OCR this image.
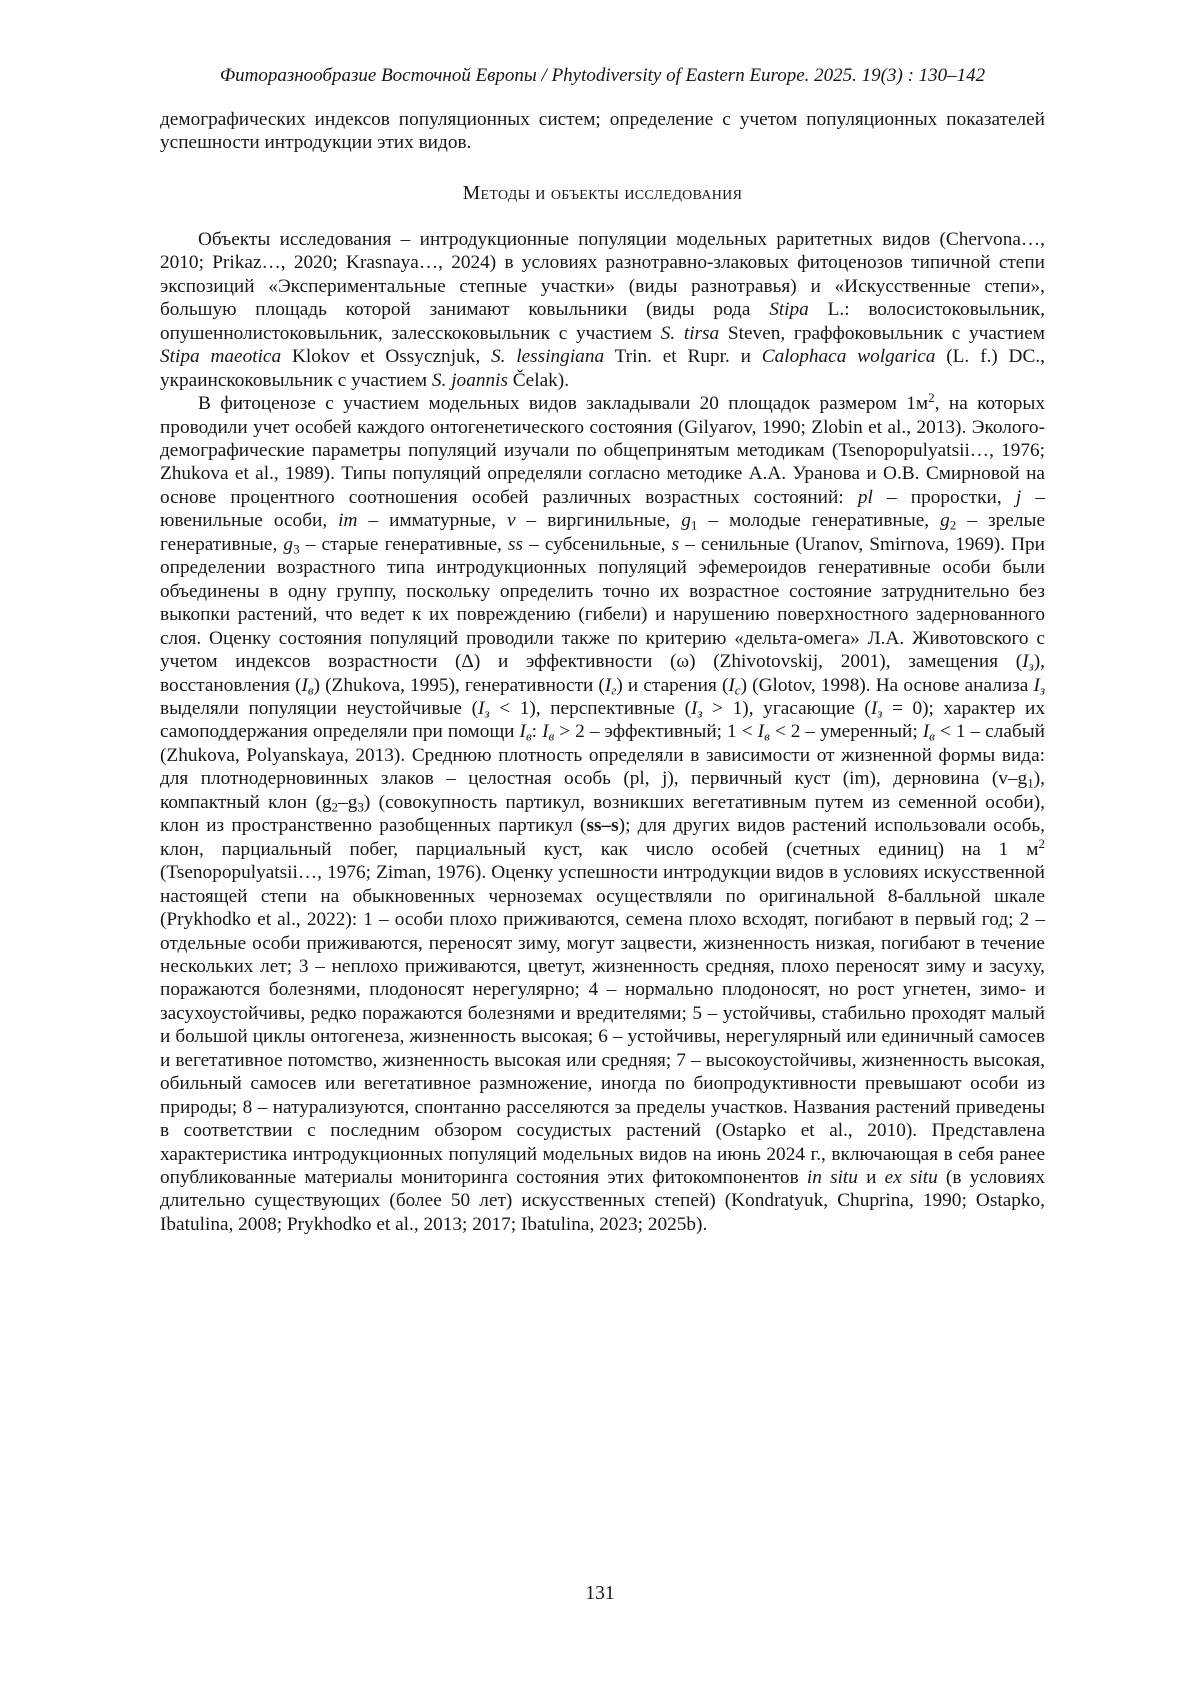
Фиторазнообразие Восточной Европы / Phytodiversity of Eastern Europe. 2025. 19(3) : 130–142

демографических индексов популяционных систем; определение с учетом популяционных показателей успешности интродукции этих видов.

Методы и объекты исследования

Объекты исследования – интродукционные популяции модельных раритетных видов (Chervona…, 2010; Prikaz…, 2020; Krasnaya…, 2024) в условиях разнотравно-злаковых фитоценозов типичной степи экспозиций «Экспериментальные степные участки» (виды разнотравья) и «Искусственные степи», большую площадь которой занимают ковыльники (виды рода Stipa L.: волосистоковыльник, опушеннолистоковыльник, залесскоковыльник с участием S. tirsa Steven, граффоковыльник с участием Stipa maeotica Klokov et Ossycznjuk, S. lessingiana Trin. et Rupr. и Calophaca wolgarica (L. f.) DC., украинскоковыльник с участием S. joannis Čelak).

В фитоценозе с участием модельных видов закладывали 20 площадок размером $1м^2$, на которых проводили учет особей каждого онтогенетического состояния (Gilyarov, 1990; Zlobin et al., 2013). Эколого-демографические параметры популяций изучали по общепринятым методикам (Tsenopopulyatsii…, 1976; Zhukova et al., 1989). Типы популяций определяли согласно методике А.А. Уранова и О.В. Смирновой на основе процентного соотношения особей различных возрастных состояний: pl – проростки, j – ювенильные особи, im – имматурные, v – виргинильные, $g_1$ – молодые генеративные, $g_2$ – зрелые генеративные, $g_3$ – старые генеративные, ss – субсенильные, s – сенильные (Uranov, Smirnova, 1969). При определении возрастного типа интродукционных популяций эфемероидов генеративные особи были объединены в одну группу, поскольку определить точно их возрастное состояние затруднительно без выкопки растений, что ведет к их повреждению (гибели) и нарушению поверхностного задернованного слоя. Оценку состояния популяций проводили также по критерию «дельта-омега» Л.А. Животовского с учетом индексов возрастности (Δ) и эффективности (ω) (Zhivotovskij, 2001), замещения $(I_з)$, восстановления $(I_в)$ (Zhukova, 1995), генеративности $(I_г)$ и старения $(I_с)$ (Glotov, 1998). На основе анализа $I_з$ выделяли популяции неустойчивые $(I_з < 1)$, перспективные $(I_з > 1)$, угасающие $(I_з = 0)$; характер их самоподдержания определяли при помощи $I_в$: $I_в > 2$ – эффективный; $1 < I_в < 2$ – умеренный; $I_в < 1$ – слабый (Zhukova, Polyanskaya, 2013). Среднюю плотность определяли в зависимости от жизненной формы вида: для плотнодерновинных злаков – целостная особь (pl, j), первичный куст (im), дерновина $(v-g_1)$, компактный клон $(g_2-g_3)$ (совокупность партикул, возникших вегетативным путем из семенной особи), клон из пространственно разобщенных партикул (ss–s); для других видов растений использовали особь, клон, парциальный побег, парциальный куст, как число особей (счетных единиц) на 1 $м^2$ (Tsenopopulyatsii…, 1976; Ziman, 1976). Оценку успешности интродукции видов в условиях искусственной настоящей степи на обыкновенных черноземах осуществляли по оригинальной 8-балльной шкале (Prykhodko et al., 2022): 1 – особи плохо приживаются, семена плохо всходят, погибают в первый год; 2 – отдельные особи приживаются, переносят зиму, могут зацвести, жизненность низкая, погибают в течение нескольких лет; 3 – неплохо приживаются, цветут, жизненность средняя, плохо переносят зиму и засуху, поражаются болезнями, плодоносят нерегулярно; 4 – нормально плодоносят, но рост угнетен, зимо- и засухоустойчивы, редко поражаются болезнями и вредителями; 5 – устойчивы, стабильно проходят малый и большой циклы онтогенеза, жизненность высокая; 6 – устойчивы, нерегулярный или единичный самосев и вегетативное потомство, жизненность высокая или средняя; 7 – высокоустойчивы, жизненность высокая, обильный самосев или вегетативное размножение, иногда по биопродуктивности превышают особи из природы; 8 – натурализуются, спонтанно расселяются за пределы участков. Названия растений приведены в соответствии с последним обзором сосудистых растений (Ostapko et al., 2010). Представлена характеристика интродукционных популяций модельных видов на июнь 2024 г., включающая в себя ранее опубликованные материалы мониторинга состояния этих фитокомпонентов in situ и ex situ (в условиях длительно существующих (более 50 лет) искусственных степей) (Kondratyuk, Chuprina, 1990; Ostapko, Ibatulina, 2008; Prykhodko et al., 2013; 2017; Ibatulina, 2023; 2025b).

131
